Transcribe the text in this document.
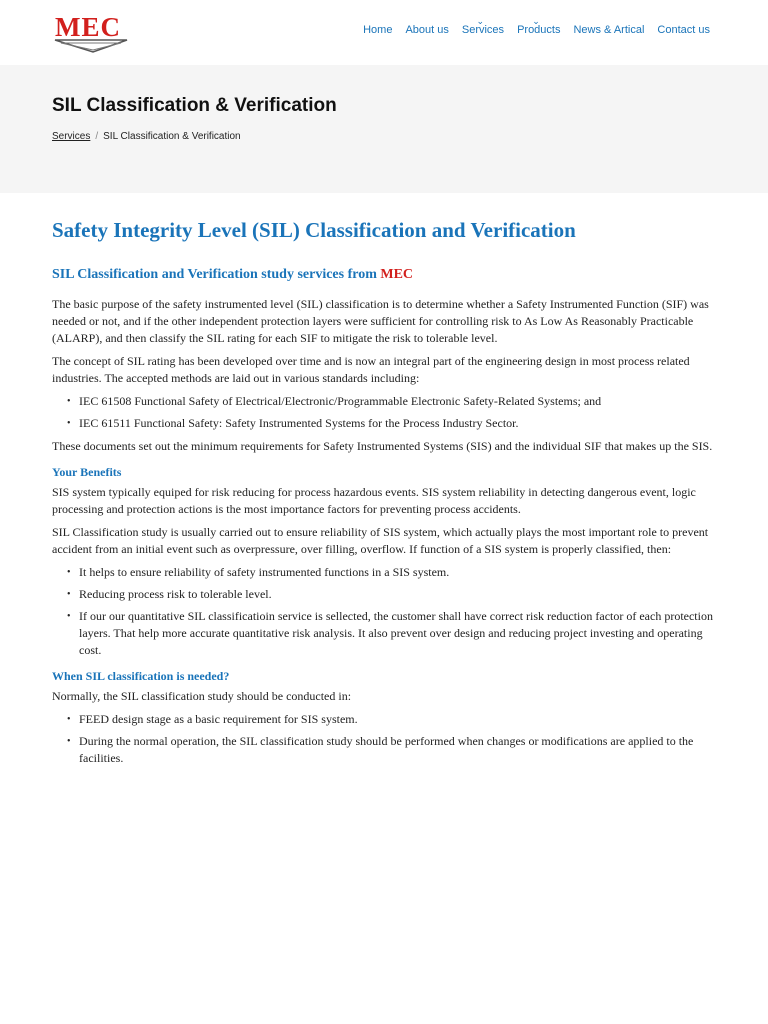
MEC	Home	About us	Services
⌄
Products
⌄
News & Artical	Contact us
SIL Classification & Verification
Services / SIL Classification & Verification
Safety Integrity Level (SIL) Classification and Verification
SIL Classification and Verification study services from MEC

The basic purpose of the safety instrumented level (SIL) classification is to determine whether a Safety Instrumented Function (SIF) was needed or not, and if the other independent protection layers were sufficient for controlling risk to As Low As Reasonably Practicable (ALARP), and then classify the SIL rating for each SIF to mitigate the risk to tolerable level.

The concept of SIL rating has been developed over time and is now an integral part of the engineering design in most process related industries. The accepted methods are laid out in various standards including:

• IEC 61508 Functional Safety of Electrical/Electronic/Programmable Electronic Safety-Related Systems; and
• IEC 61511 Functional Safety: Safety Instrumented Systems for the Process Industry Sector.

These documents set out the minimum requirements for Safety Instrumented Systems (SIS) and the individual SIF that makes up the SIS.

Your Benefits

SIS system typically equiped for risk reducing for process hazardous events. SIS system reliability in detecting dangerous event, logic processing and protection actions is the most importance factors for preventing process accidents.

SIL Classification study is usually carried out to ensure reliability of SIS system, which actually plays the most important role to prevent accident from an initial event such as overpressure, over filling, overflow. If function of a SIS system is properly classified, then:

• It helps to ensure reliability of safety instrumented functions in a SIS system.
• Reducing process risk to tolerable level.
• If our our quantitative SIL classificatioin service is sellected, the customer shall have correct risk reduction factor of each protection layers. That help more accurate quantitative risk analysis. It also prevent over design and reducing project investing and operating cost.
When SIL classification is needed?

Normally, the SIL classification study should be conducted in:

• FEED design stage as a basic requirement for SIS system.
• During the normal operation, the SIL classification study should be performed when changes or modifications are applied to the facilities.
